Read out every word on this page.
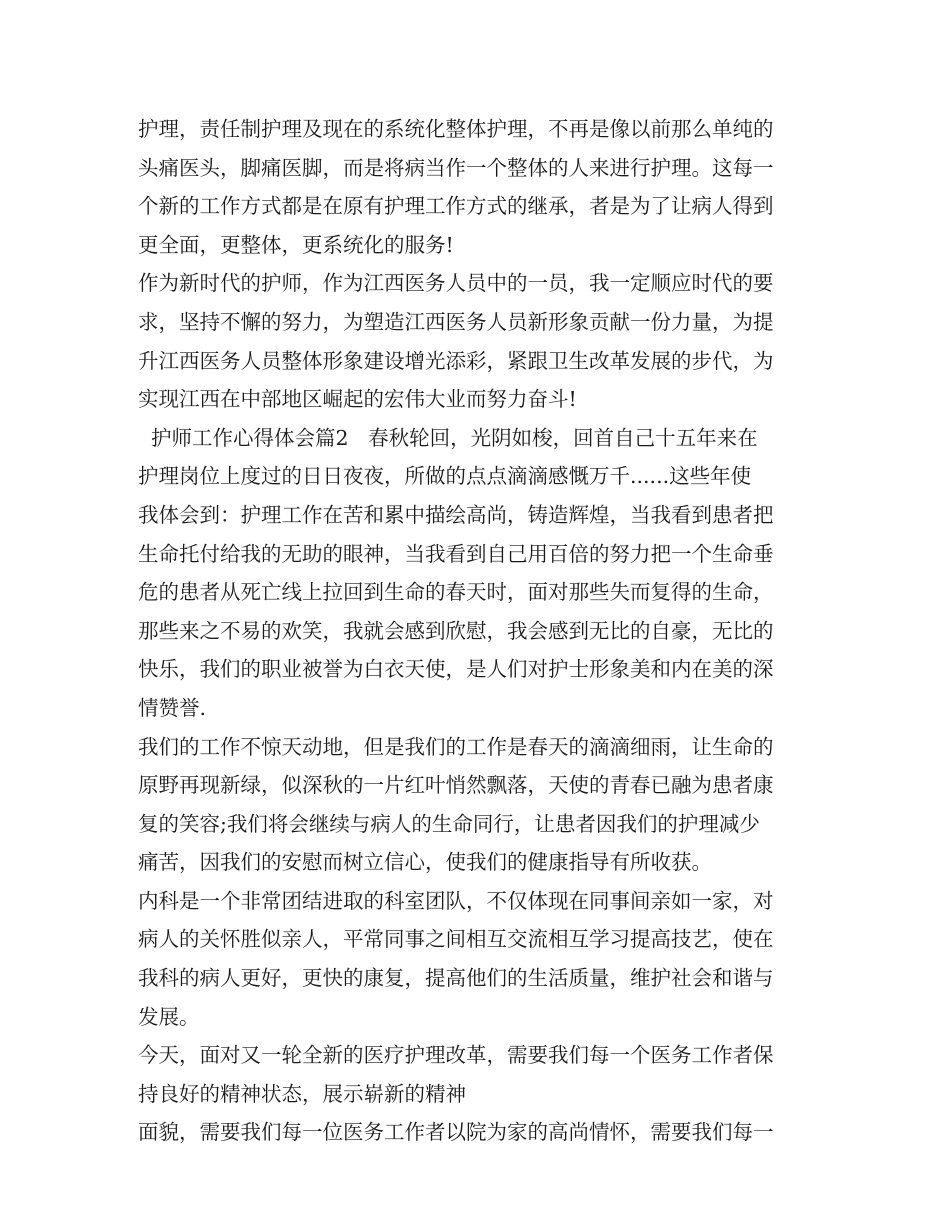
护理，责任制护理及现在的系统化整体护理，不再是像以前那么单纯的
头痛医头，脚痛医脚，而是将病当作一个整体的人来进行护理。这每一
个新的工作方式都是在原有护理工作方式的继承，者是为了让病人得到
更全面，更整体，更系统化的服务!
作为新时代的护师，作为江西医务人员中的一员，我一定顺应时代的要
求，坚持不懈的努力，为塑造江西医务人员新形象贡献一份力量，为提
升江西医务人员整体形象建设增光添彩，紧跟卫生改革发展的步代，为
实现江西在中部地区崛起的宏伟大业而努力奋斗!
护师工作心得体会篇2   春秋轮回，光阴如梭，回首自己十五年来在
护理岗位上度过的日日夜夜，所做的点点滴滴感慨万千......这些年使
我体会到：护理工作在苦和累中描绘高尚，铸造辉煌，当我看到患者把
生命托付给我的无助的眼神，当我看到自己用百倍的努力把一个生命垂
危的患者从死亡线上拉回到生命的春天时，面对那些失而复得的生命，
那些来之不易的欢笑，我就会感到欣慰，我会感到无比的自豪，无比的
快乐，我们的职业被誉为白衣天使，是人们对护士形象美和内在美的深
情赞誉.
我们的工作不惊天动地，但是我们的工作是春天的滴滴细雨，让生命的
原野再现新绿，似深秋的一片红叶悄然飘落，天使的青春已融为患者康
复的笑容;我们将会继续与病人的生命同行，让患者因我们的护理减少
痛苦，因我们的安慰而树立信心，使我们的健康指导有所收获。
内科是一个非常团结进取的科室团队，不仅体现在同事间亲如一家，对
病人的关怀胜似亲人，平常同事之间相互交流相互学习提高技艺，使在
我科的病人更好，更快的康复，提高他们的生活质量，维护社会和谐与
发展。
今天，面对又一轮全新的医疗护理改革，需要我们每一个医务工作者保
持良好的精神状态，展示崭新的精神
面貌，需要我们每一位医务工作者以院为家的高尚情怀，需要我们每一
